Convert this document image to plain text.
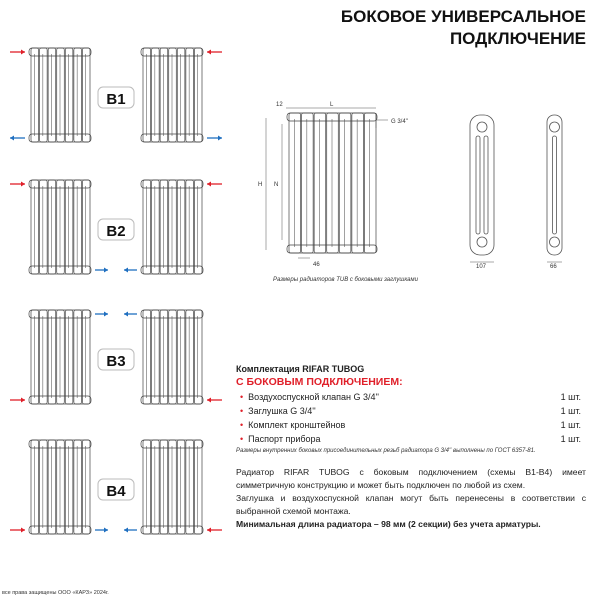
БОКОВОЕ УНИВЕРСАЛЬНОЕ
ПОДКЛЮЧЕНИЕ
B1
B2
B3
B4
12	L
G 3/4''
H N
46	107	66
Размеры радиаторов TUB с боковыми заглушками
Комплектация RIFAR TUBOG
С БОКОВЫМ ПОДКЛЮЧЕНИЕМ:
• Воздухоспускной клапан G 3/4''	1 шт.
• Заглушка G 3/4''	1 шт.
• Комплект кронштейнов	1 шт.
• Паспорт прибора	1 шт.
Размеры внутренних боковых присоединительных резьб радиатора G 3/4'' выполнены по ГОСТ 6357-81.

Радиатор RIFAR TUBOG с боковым подключением (схемы B1-B4) имеет симметричную конструкцию и может быть подключен по любой из схем.

Заглушка и воздухоспускной клапан могут быть перенесены в соответствии с выбранной схемой монтажа.

Минимальная длина радиатора – 98 мм (2 секции) без учета арматуры.

все права защищены ООО «КАРЗ» 2024г.
